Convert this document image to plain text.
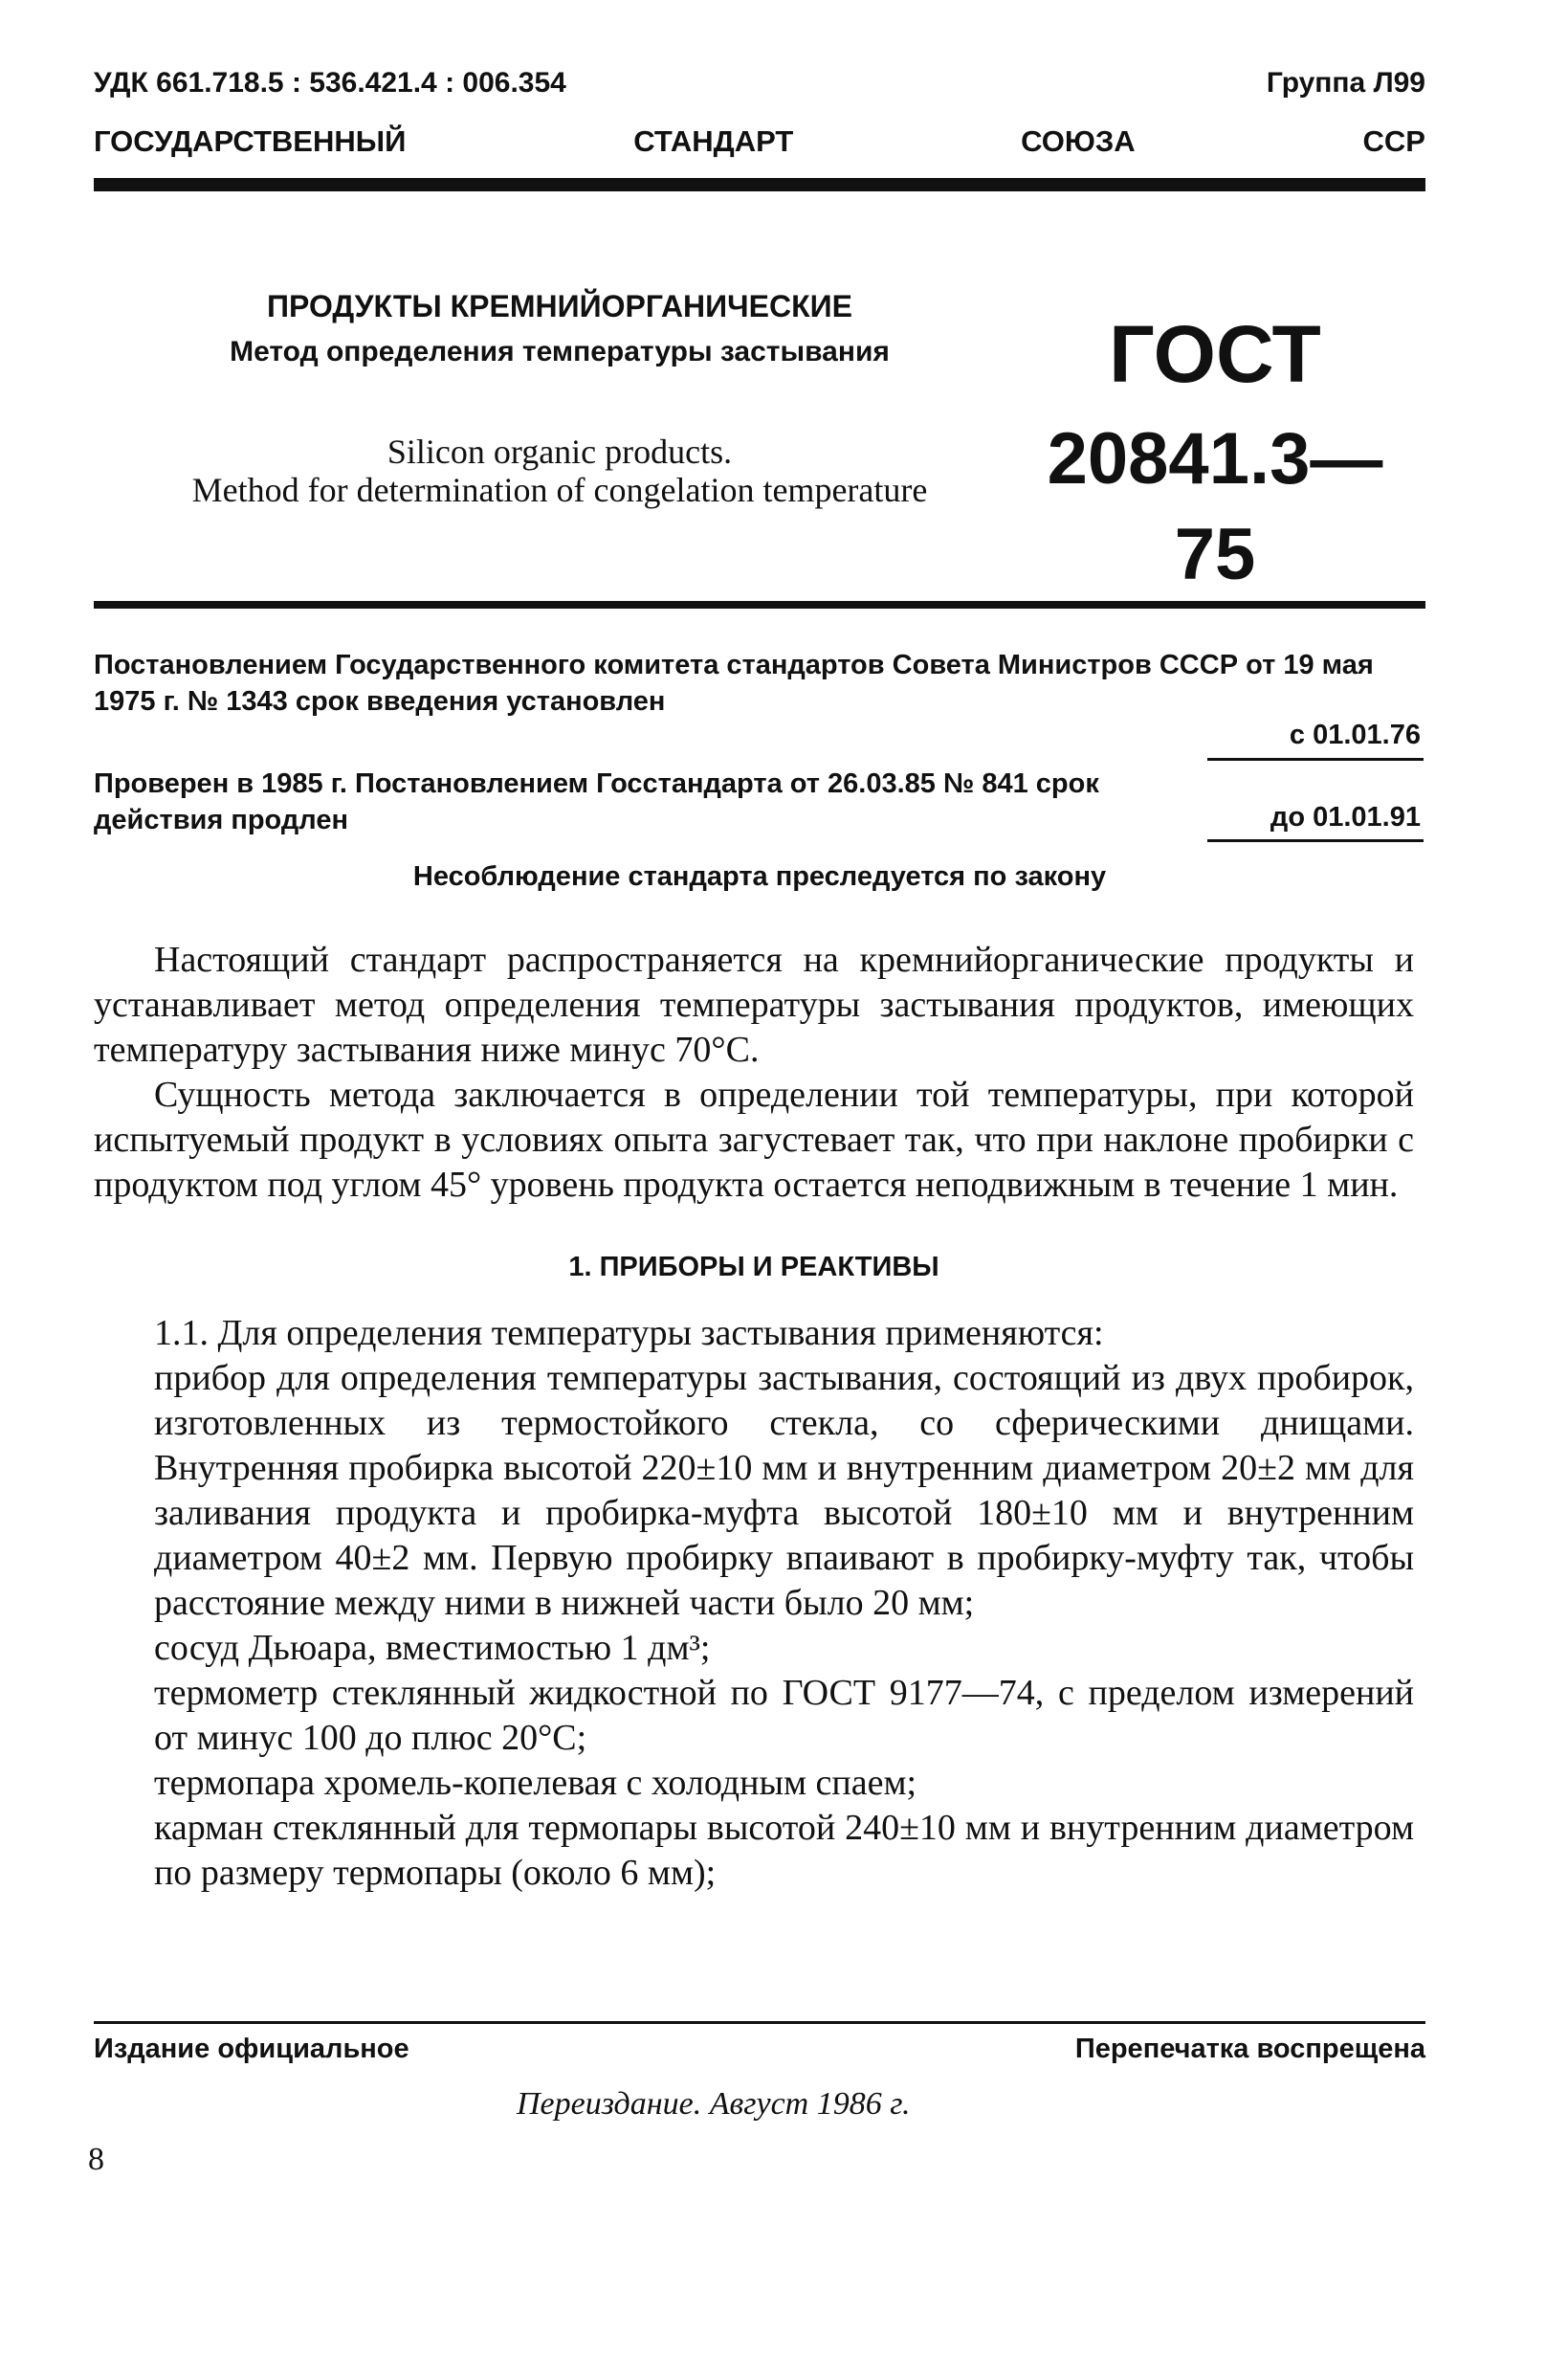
УДК 661.718.5 : 536.421.4 : 006.354	Группа Л99
ГОСУДАРСТВЕННЫЙ	СТАНДАРТ	СОЮЗА	ССР
ПРОДУКТЫ КРЕМНИЙОРГАНИЧЕСКИЕ
Метод определения температуры застывания
Silicon organic products.
Method for determination of congelation temperature
ГОСТ
20841.3—75
Постановлением Государственного комитета стандартов Совета Министров СССР от 19 мая 1975 г. № 1343 срок введения установлен
с 01.01.76
Проверен в 1985 г. Постановлением Госстандарта от 26.03.85 № 841 срок действия продлен	до 01.01.91
Несоблюдение стандарта преследуется по закону

Настоящий стандарт распространяется на кремнийорганические продукты и устанавливает метод определения температуры застывания продуктов, имеющих температуру застывания ниже минус 70°С.

Сущность метода заключается в определении той температуры, при которой испытуемый продукт в условиях опыта загустевает так, что при наклоне пробирки с продуктом под углом 45° уровень продукта остается неподвижным в течение 1 мин.

1. ПРИБОРЫ И РЕАКТИВЫ

1.1. Для определения температуры застывания применяются:

прибор для определения температуры застывания, состоящий из двух пробирок, изготовленных из термостойкого стекла, со сферическими днищами. Внутренняя пробирка высотой 220±10 мм и внутренним диаметром 20±2 мм для заливания продукта и пробирка-муфта высотой 180±10 мм и внутренним диаметром 40±2 мм. Первую пробирку впаивают в пробирку-муфту так, чтобы расстояние между ними в нижней части было 20 мм;

сосуд Дьюара, вместимостью 1 дм³;

термометр стеклянный жидкостной по ГОСТ 9177—74, с пределом измерений от минус 100 до плюс 20°С;

термопара хромель-копелевая с холодным спаем;

карман стеклянный для термопары высотой 240±10 мм и внутренним диаметром по размеру термопары (около 6 мм);

Издание официальное	Перепечатка воспрещена
Переиздание. Август 1986 г.
8
